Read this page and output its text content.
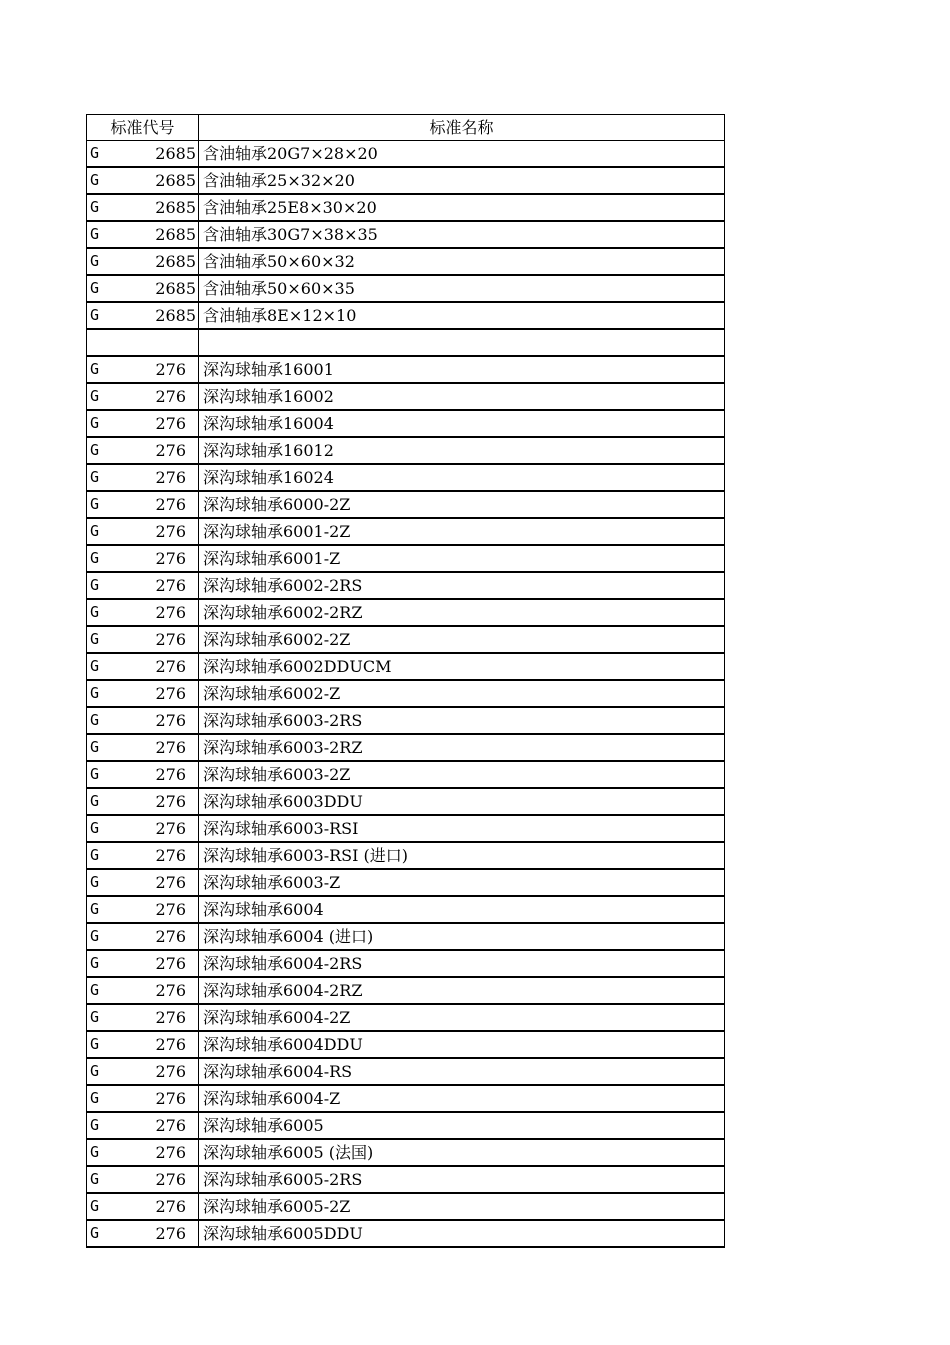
标准代号	标准名称

G 2685	含油轴承20G7×28×20

G 2685	含油轴承25×32×20

G 2685	含油轴承25E8×30×20

G 2685	含油轴承30G7×38×35

G 2685	含油轴承50×60×32

G 2685	含油轴承50×60×35

G 2685	含油轴承8E×12×10

G 276	深沟球轴承16001

G 276	深沟球轴承16002

G 276	深沟球轴承16004

G 276	深沟球轴承16012

G 276	深沟球轴承16024

G 276	深沟球轴承6000-2Z

G 276	深沟球轴承6001-2Z

G 276	深沟球轴承6001-Z

G 276	深沟球轴承6002-2RS

G 276	深沟球轴承6002-2RZ

G 276	深沟球轴承6002-2Z

G 276	深沟球轴承6002DDUCM

G 276	深沟球轴承6002-Z

G 276	深沟球轴承6003-2RS

G 276	深沟球轴承6003-2RZ

G 276	深沟球轴承6003-2Z

G 276	深沟球轴承6003DDU

G 276	深沟球轴承6003-RSI

G 276	深沟球轴承6003-RSI (进口)

G 276	深沟球轴承6003-Z

G 276	深沟球轴承6004

G 276	深沟球轴承6004 (进口)

G 276	深沟球轴承6004-2RS

G 276	深沟球轴承6004-2RZ

G 276	深沟球轴承6004-2Z

G 276	深沟球轴承6004DDU

G 276	深沟球轴承6004-RS

G 276	深沟球轴承6004-Z

G 276	深沟球轴承6005

G 276	深沟球轴承6005 (法国)

G 276	深沟球轴承6005-2RS

G 276	深沟球轴承6005-2Z

G 276	深沟球轴承6005DDU
